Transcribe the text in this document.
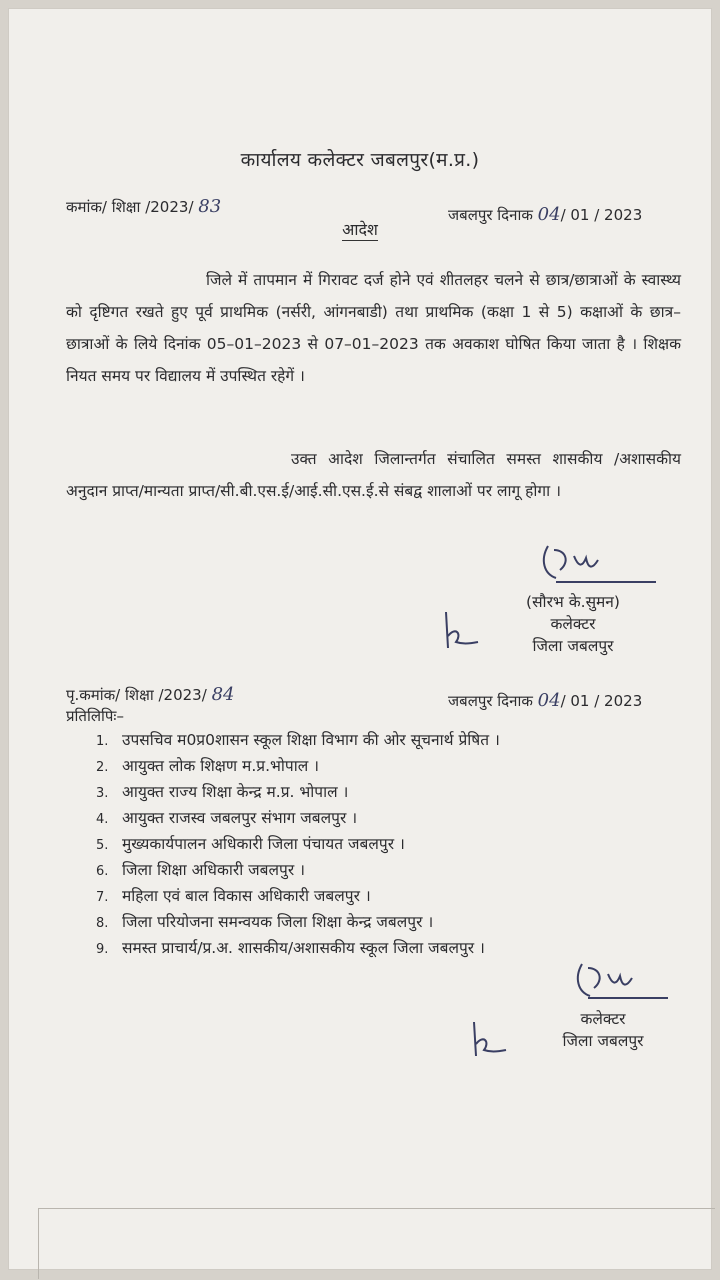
कार्यालय कलेक्टर जबलपुर(म.प्र.)
कमांक/ शिक्षा /2023/ 83	जबलपुर दिनाक 04/ 01 / 2023
आदेश
जिले में तापमान में गिरावट दर्ज होने एवं शीतलहर चलने से छात्र/छात्राओं के स्वास्थ्य को दृष्टिगत रखते हुए पूर्व प्राथमिक (नर्सरी, आंगनबाडी) तथा प्राथमिक (कक्षा 1 से 5) कक्षाओं के छात्र–छात्राओं के लिये दिनांक 05–01–2023 से 07–01–2023 तक अवकाश घोषित किया जाता है । शिक्षक नियत समय पर विद्यालय में उपस्थित रहेगें ।
उक्त आदेश जिलान्तर्गत संचालित समस्त शासकीय /अशासकीय अनुदान प्राप्त/मान्यता प्राप्त/सी.बी.एस.ई/आई.सी.एस.ई.से संबद्व शालाओं पर लागू होगा ।
(सौरभ के.सुमन)
कलेक्टर
जिला जबलपुर
पृ.कमांक/ शिक्षा /2023/ 84	जबलपुर दिनाक 04/ 01 / 2023
प्रतिलिपिः–
1. उपसचिव म0प्र0शासन स्कूल शिक्षा विभाग की ओर सूचनार्थ प्रेषित ।
2. आयुक्त लोक शिक्षण म.प्र.भोपाल ।
3. आयुक्त राज्य शिक्षा केन्द्र म.प्र. भोपाल ।
4. आयुक्त राजस्व जबलपुर संभाग जबलपुर ।
5. मुख्यकार्यपालन अधिकारी जिला पंचायत जबलपुर ।
6. जिला शिक्षा अधिकारी जबलपुर ।
7. महिला एवं बाल विकास अधिकारी जबलपुर ।
8. जिला परियोजना समन्वयक जिला शिक्षा केन्द्र जबलपुर ।
9. समस्त प्राचार्य/प्र.अ. शासकीय/अशासकीय स्कूल जिला जबलपुर ।
कलेक्टर
जिला जबलपुर
